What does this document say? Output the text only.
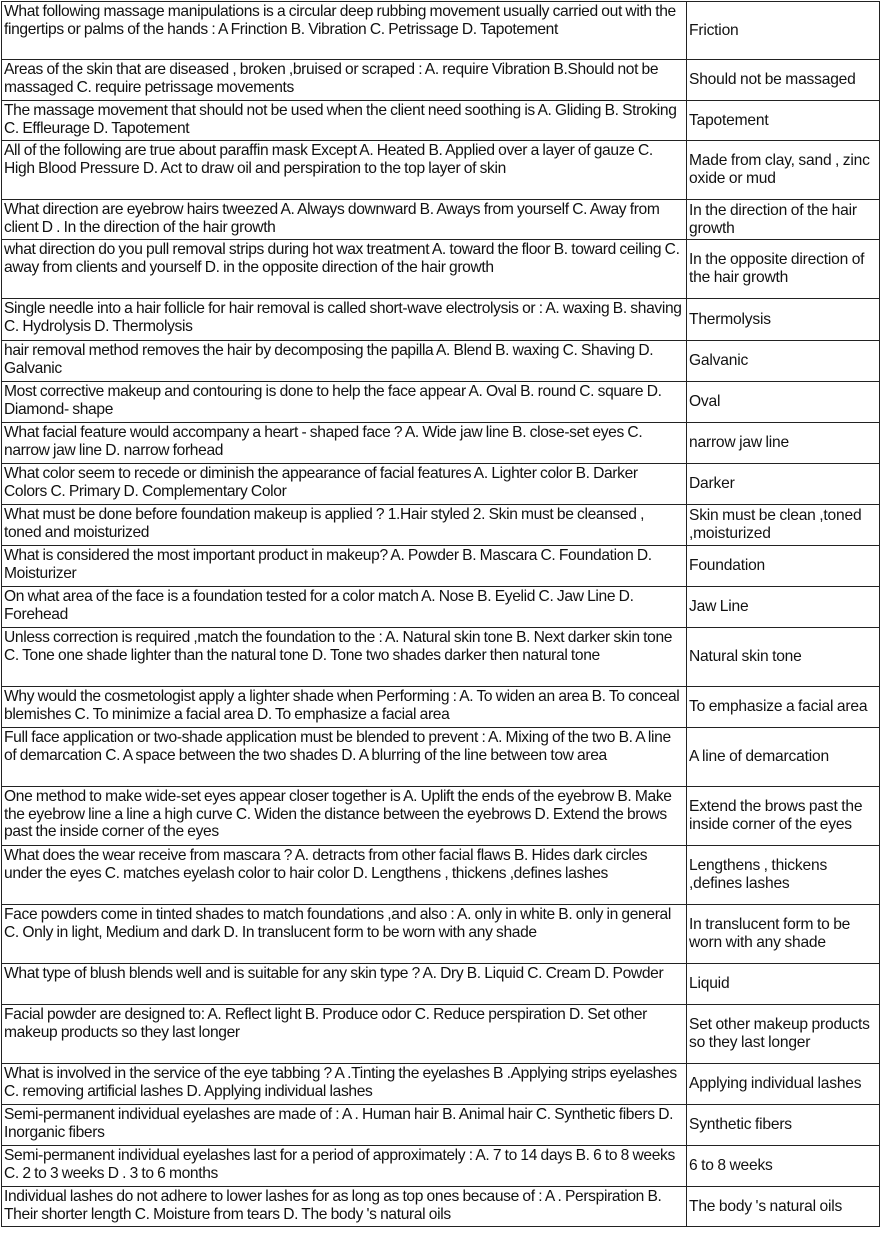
What following massage manipulations is a circular deep rubbing movement usually carried out with the fingertips or palms of the hands : A Frinction B. Vibration C. Petrissage D. Tapotement	Friction

Areas of the skin that are diseased , broken ,bruised or scraped : A. require Vibration B.Should not be massaged C. require petrissage movements	Should not be massaged

The massage movement that should not be used when the client need soothing is A. Gliding B. Stroking C. Effleurage D. Tapotement	Tapotement

All of the following are true about paraffin mask Except A. Heated B. Applied over a layer of gauze C. High Blood Pressure D. Act to draw oil and perspiration to the top layer of skin	Made from clay, sand , zinc oxide or mud

What direction are eyebrow hairs tweezed A. Always downward B. Aways from yourself C. Away from client D . In the direction of the hair growth	In the direction of the hair growth

what direction do you pull removal strips during hot wax treatment A. toward the floor B. toward ceiling C. away from clients and yourself D. in the opposite direction of the hair growth	In the opposite direction of the hair growth

Single needle into a hair follicle for hair removal is called short-wave electrolysis or : A. waxing B. shaving C. Hydrolysis D. Thermolysis	Thermolysis

hair removal method removes the hair by decomposing the papilla A. Blend B. waxing C. Shaving D. Galvanic	Galvanic

Most corrective makeup and contouring is done to help the face appear A. Oval B. round C. square D. Diamond- shape	Oval

What facial feature would accompany a heart - shaped face ? A. Wide jaw line B. close-set eyes C. narrow jaw line D. narrow forhead	narrow jaw line

What color seem to recede or diminish the appearance of facial features A. Lighter color B. Darker Colors C. Primary D. Complementary Color	Darker

What must be done before foundation makeup is applied ? 1.Hair styled 2. Skin must be cleansed , toned and moisturized	Skin must be clean ,toned ,moisturized

What is considered the most important product in makeup? A. Powder B. Mascara C. Foundation D. Moisturizer	Foundation

On what area of the face is a foundation tested for a color match A. Nose B. Eyelid C. Jaw Line D. Forehead	Jaw Line

Unless correction is required ,match the foundation to the : A. Natural skin tone B. Next darker skin tone C. Tone one shade lighter than the natural tone D. Tone two shades darker then natural tone	Natural skin tone

Why would the cosmetologist apply a lighter shade when Performing : A. To widen an area B. To conceal blemishes C. To minimize a facial area D. To emphasize a facial area	To emphasize a facial area

Full face application or two-shade application must be blended to prevent : A. Mixing of the two B. A line of demarcation C. A space between the two shades D. A blurring of the line between tow area	A line of demarcation

One method to make wide-set eyes appear closer together is A. Uplift the ends of the eyebrow B. Make the eyebrow line a line a high curve C. Widen the distance between the eyebrows D. Extend the brows past the inside corner of the eyes	Extend the brows past the inside corner of the eyes

What does the wear receive from mascara ? A. detracts from other facial flaws B. Hides dark circles under the eyes C. matches eyelash color to hair color D. Lengthens , thickens ,defines lashes	Lengthens , thickens ,defines lashes

Face powders come in tinted shades to match foundations ,and also : A. only in white B. only in general C. Only in light, Medium and dark D. In translucent form to be worn with any shade	In translucent form to be worn with any shade

What type of blush blends well and is suitable for any skin type ? A. Dry B. Liquid C. Cream D. Powder	Liquid

Facial powder are designed to: A. Reflect light B. Produce odor C. Reduce perspiration D. Set other makeup products so they last longer	Set other makeup products so they last longer

What is involved in the service of the eye tabbing ? A .Tinting the eyelashes B .Applying strips eyelashes C. removing artificial lashes D. Applying individual lashes	Applying individual lashes

Semi-permanent individual eyelashes are made of : A . Human hair B. Animal hair C. Synthetic fibers D. Inorganic fibers	Synthetic fibers

Semi-permanent individual eyelashes last for a period of approximately : A. 7 to 14 days B. 6 to 8 weeks C. 2 to 3 weeks D . 3 to 6 months	6 to 8 weeks

Individual lashes do not adhere to lower lashes for as long as top ones because of : A . Perspiration B. Their shorter length C. Moisture from tears D. The body 's natural oils	The body 's natural oils
